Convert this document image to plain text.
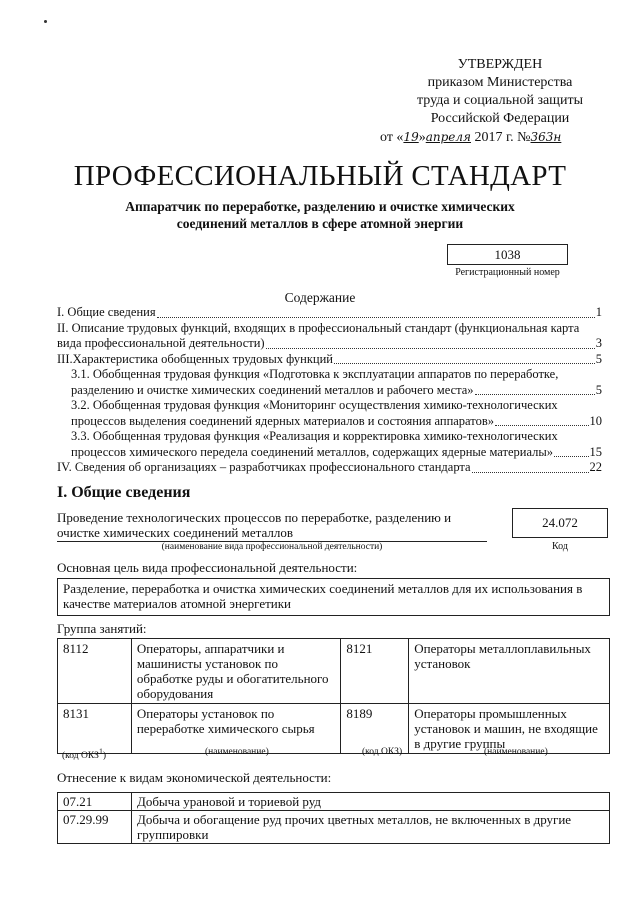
УТВЕРЖДЕН
приказом Министерства
труда и социальной защиты
Российской Федерации
от «19»апреля 2017 г. №363н
ПРОФЕССИОНАЛЬНЫЙ СТАНДАРТ
Аппаратчик по переработке, разделению и очистке химических
соединений металлов в сфере атомной энергии
1038
Регистрационный номер
Содержание
I. Общие сведения	1
II. Описание трудовых функций, входящих в профессиональный стандарт (функциональная карта
вида профессиональной деятельности)	3
III.Характеристика обобщенных трудовых функций	5
3.1. Обобщенная трудовая функция «Подготовка к эксплуатации аппаратов по переработке,
разделению и очистке химических соединений металлов и рабочего места»	5
3.2. Обобщенная трудовая функция «Мониторинг осуществления химико-технологических
процессов выделения соединений ядерных материалов и состояния аппаратов»	10
3.3. Обобщенная трудовая функция «Реализация и корректировка химико-технологических
процессов химического передела соединений металлов, содержащих ядерные материалы»	15
IV. Сведения об организациях – разработчиках профессионального стандарта	22
I. Общие сведения
Проведение технологических процессов по переработке, разделению и
очистке химических соединений металлов
(наименование вида профессиональной деятельности)
24.072
Код
Основная цель вида профессиональной деятельности:
Разделение, переработка и очистка химических соединений металлов для их использования в качестве материалов атомной энергетики
Группа занятий:
8112	Операторы, аппаратчики и машинисты установок по обработке руды и обогатительного оборудования	8121	Операторы металлоплавильных установок
8131	Операторы установок по переработке химического сырья	8189	Операторы промышленных установок и машин, не входящие в другие группы
(код ОКЗ$^1$)	(наименование)	(код ОКЗ)	(наименование)
Отнесение к видам экономической деятельности:
07.21	Добыча урановой и ториевой руд
07.29.99	Добыча и обогащение руд прочих цветных металлов, не включенных в другие группировки
